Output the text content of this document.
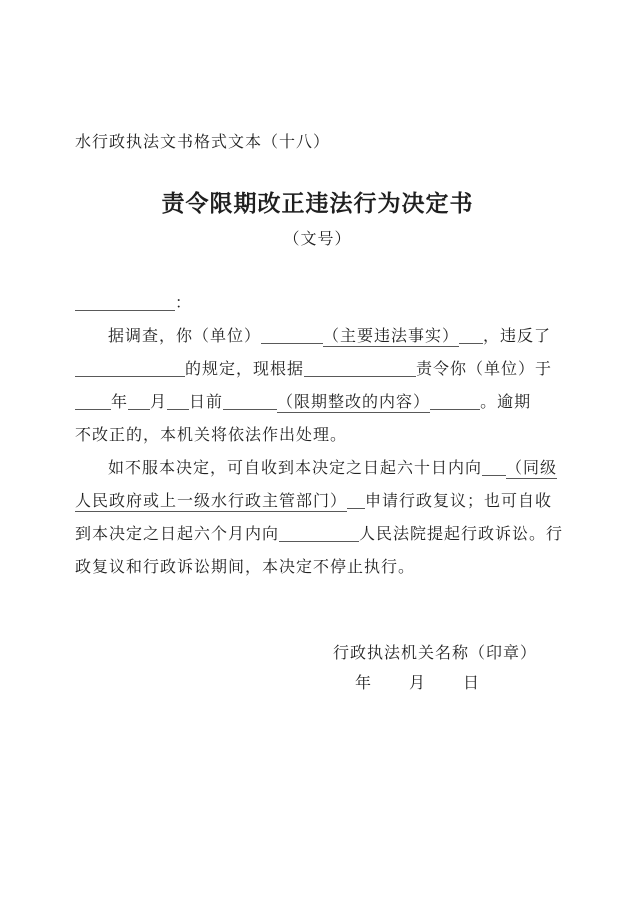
水行政执法文书格式文本（十八）
责令限期改正违法行为决定书
（文号）
：
据调查，你（单位）	（主要违法事实） ，违反了
的规定，现根据	责令你（单位）于
年 月 日前	（限期整改的内容）	。逾期
不改正的，本机关将依法作出处理。
如不服本决定，可自收到本决定之日起六十日内向 （同级
人民政府或上一级水行政主管部门） 申请行政复议；也可自收
到本决定之日起六个月内向	人民法院提起行政诉讼。行
政复议和行政诉讼期间，本决定不停止执行。
行政执法机关名称（印章）
年　　月　　日
